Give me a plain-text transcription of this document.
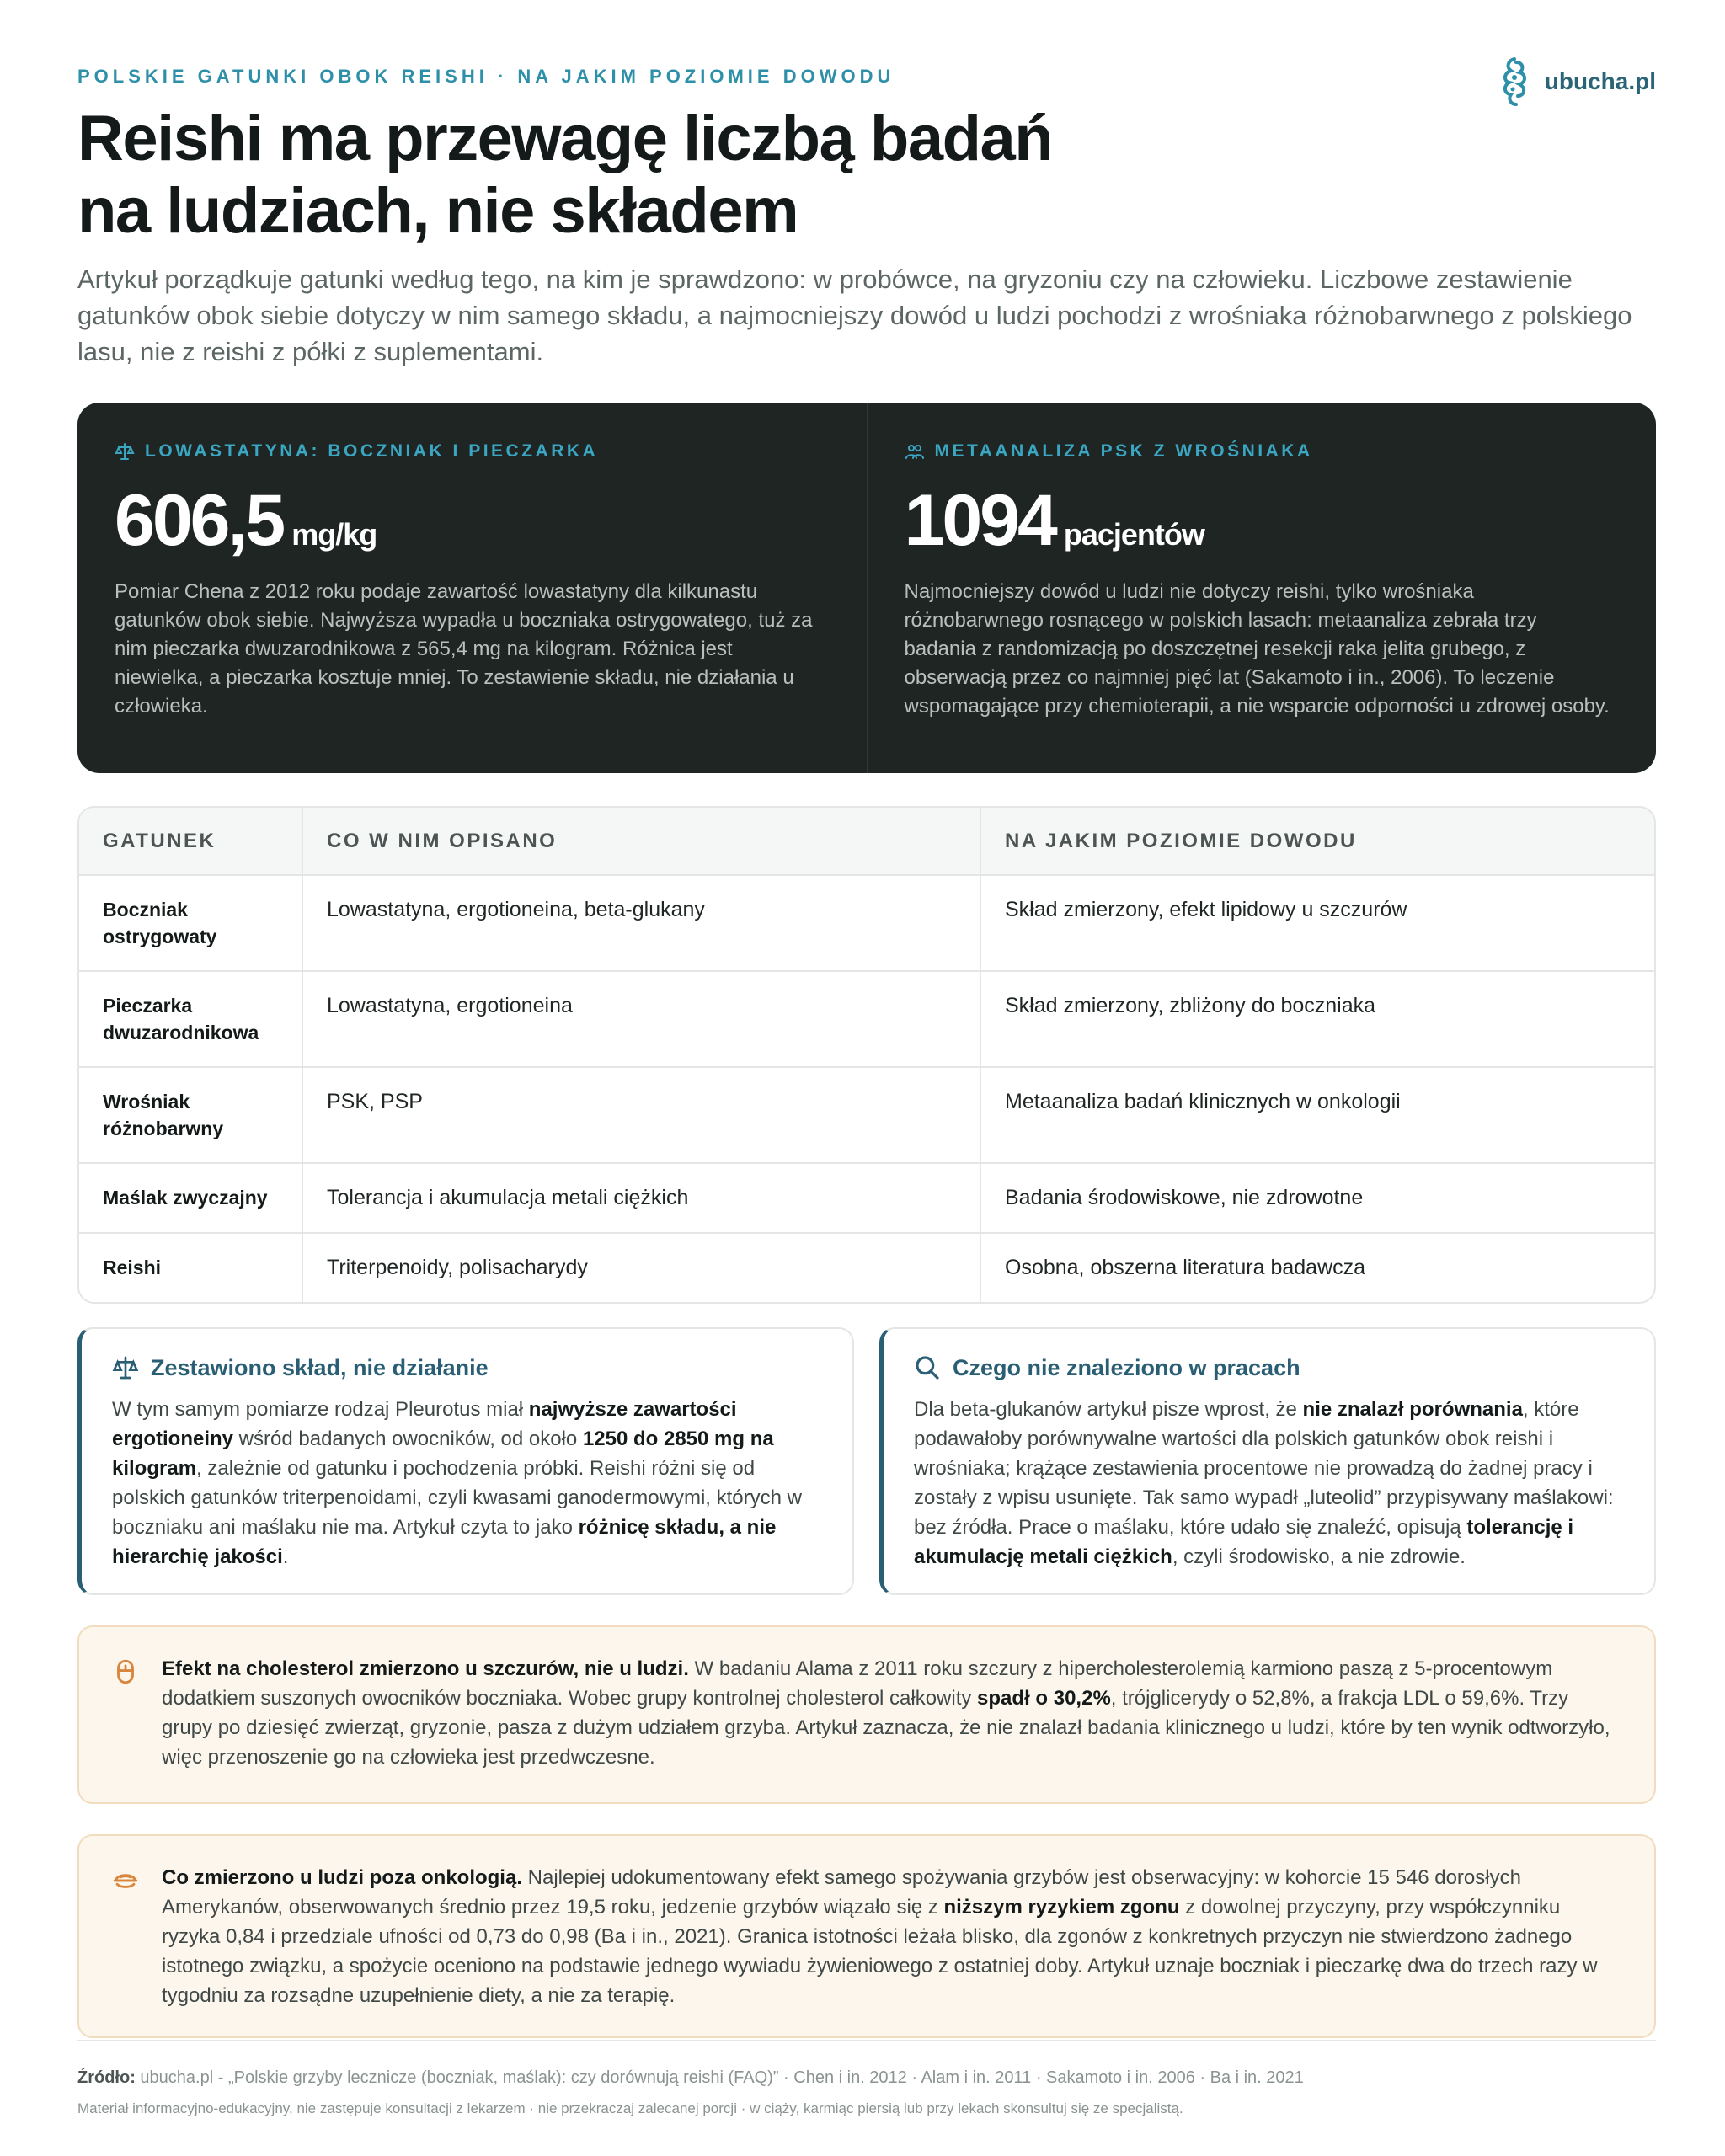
POLSKIE GATUNKI OBOK REISHI · NA JAKIM POZIOMIE DOWODU	ubucha.pl
Reishi ma przewagę liczbą badań
na ludziach, nie składem

Artykuł porządkuje gatunki według tego, na kim je sprawdzono: w probówce, na gryzoniu czy na człowieku. Liczbowe zestawienie gatunków obok siebie dotyczy w nim samego składu, a najmocniejszy dowód u ludzi pochodzi z wrośniaka różnobarwnego z polskiego lasu, nie z reishi z półki z suplementami.

LOWASTATYNA: BOCZNIAK I PIECZARKA
606,5 mg/kg

Pomiar Chena z 2012 roku podaje zawartość lowastatyny dla kilkunastu gatunków obok siebie. Najwyższa wypadła u boczniaka ostrygowatego, tuż za nim pieczarka dwuzarodnikowa z 565,4 mg na kilogram. Różnica jest niewielka, a pieczarka kosztuje mniej. To zestawienie składu, nie działania u człowieka.

METAANALIZA PSK Z WROŚNIAKA
1094 pacjentów

Najmocniejszy dowód u ludzi nie dotyczy reishi, tylko wrośniaka różnobarwnego rosnącego w polskich lasach: metaanaliza zebrała trzy badania z randomizacją po doszczętnej resekcji raka jelita grubego, z obserwacją przez co najmniej pięć lat (Sakamoto i in., 2006). To leczenie wspomagające przy chemioterapii, a nie wsparcie odporności u zdrowej osoby.

GATUNEK	CO W NIM OPISANO	NA JAKIM POZIOMIE DOWODU
Boczniak ostrygowaty	Lowastatyna, ergotioneina, beta‑glukany	Skład zmierzony, efekt lipidowy u szczurów
Pieczarka dwuzarodnikowa	Lowastatyna, ergotioneina	Skład zmierzony, zbliżony do boczniaka
Wrośniak różnobarwny	PSK, PSP	Metaanaliza badań klinicznych w onkologii
Maślak zwyczajny	Tolerancja i akumulacja metali ciężkich	Badania środowiskowe, nie zdrowotne
Reishi	Triterpenoidy, polisacharydy	Osobna, obszerna literatura badawcza
Zestawiono skład, nie działanie

W tym samym pomiarze rodzaj Pleurotus miał najwyższe zawartości ergotioneiny wśród badanych owocników, od około 1250 do 2850 mg na kilogram, zależnie od gatunku i pochodzenia próbki. Reishi różni się od polskich gatunków triterpenoidami, czyli kwasami ganodermowymi, których w boczniaku ani maślaku nie ma. Artykuł czyta to jako różnicę składu, a nie hierarchię jakości.

Czego nie znaleziono w pracach

Dla beta‑glukanów artykuł pisze wprost, że nie znalazł porównania, które podawałoby porównywalne wartości dla polskich gatunków obok reishi i wrośniaka; krążące zestawienia procentowe nie prowadzą do żadnej pracy i zostały z wpisu usunięte. Tak samo wypadł „luteolid” przypisywany maślakowi: bez źródła. Prace o maślaku, które udało się znaleźć, opisują tolerancję i akumulację metali ciężkich, czyli środowisko, a nie zdrowie.

Efekt na cholesterol zmierzono u szczurów, nie u ludzi. W badaniu Alama z 2011 roku szczury z hipercholesterolemią karmiono paszą z 5‑procentowym dodatkiem suszonych owocników boczniaka. Wobec grupy kontrolnej cholesterol całkowity spadł o 30,2%, trójglicerydy o 52,8%, a frakcja LDL o 59,6%. Trzy grupy po dziesięć zwierząt, gryzonie, pasza z dużym udziałem grzyba. Artykuł zaznacza, że nie znalazł badania klinicznego u ludzi, które by ten wynik odtworzyło, więc przenoszenie go na człowieka jest przedwczesne.

Co zmierzono u ludzi poza onkologią. Najlepiej udokumentowany efekt samego spożywania grzybów jest obserwacyjny: w kohorcie 15 546 dorosłych Amerykanów, obserwowanych średnio przez 19,5 roku, jedzenie grzybów wiązało się z niższym ryzykiem zgonu z dowolnej przyczyny, przy współczynniku ryzyka 0,84 i przedziale ufności od 0,73 do 0,98 (Ba i in., 2021). Granica istotności leżała blisko, dla zgonów z konkretnych przyczyn nie stwierdzono żadnego istotnego związku, a spożycie oceniono na podstawie jednego wywiadu żywieniowego z ostatniej doby. Artykuł uznaje boczniak i pieczarkę dwa do trzech razy w tygodniu za rozsądne uzupełnienie diety, a nie za terapię.

Źródło: ubucha.pl - „Polskie grzyby lecznicze (boczniak, maślak): czy dorównują reishi (FAQ)” · Chen i in. 2012 · Alam i in. 2011 · Sakamoto i in. 2006 · Ba i in. 2021

Materiał informacyjno‑edukacyjny, nie zastępuje konsultacji z lekarzem · nie przekraczaj zalecanej porcji · w ciąży, karmiąc piersią lub przy lekach skonsultuj się ze specjalistą.
